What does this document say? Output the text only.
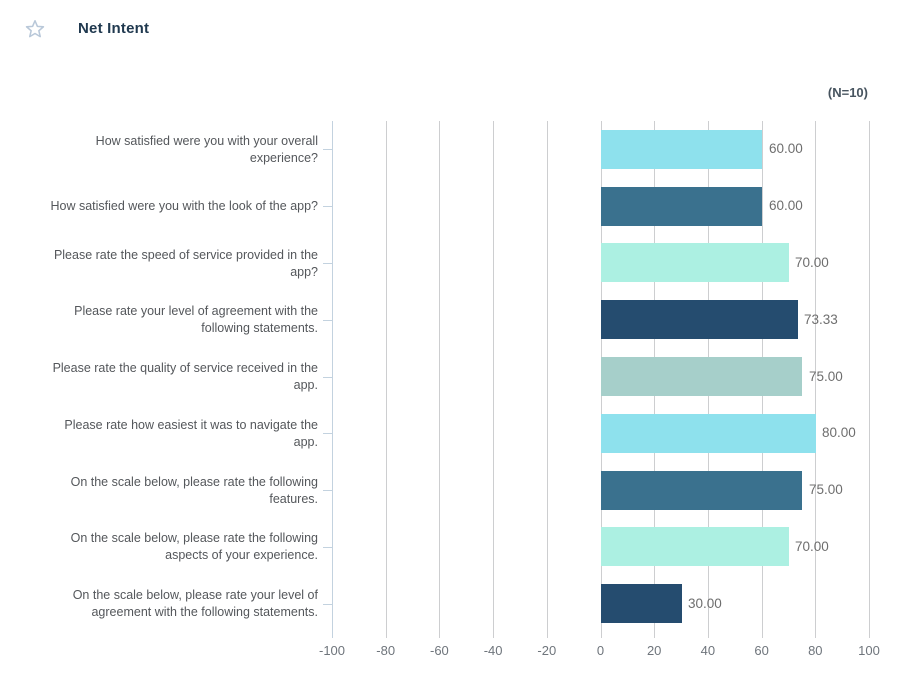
Net Intent
(N=10)
-100	-80	-60	-40	-20	0	20	40	60	80	100
How satisfied were you with your overall experience?
60.00
How satisfied were you with the look of the app?	60.00
Please rate the speed of service provided in the app?
70.00
Please rate your level of agreement with the following statements.
73.33
Please rate the quality of service received in the app.
75.00
Please rate how easiest it was to navigate the app.
80.00
On the scale below, please rate the following features.
75.00
On the scale below, please rate the following aspects of your experience.
70.00
On the scale below, please rate your level of agreement with the following statements.
30.00
